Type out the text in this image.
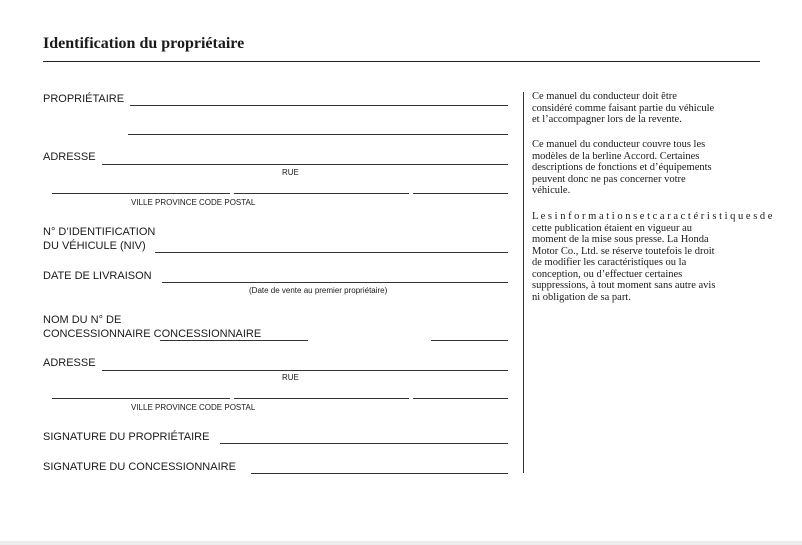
Identification du propriétaire
PROPRIÉTAIRE
ADRESSE
RUE
VILLE PROVINCE CODE POSTAL
N° D’IDENTIFICATION
DU VÉHICULE (NIV)
DATE DE LIVRAISON
(Date de vente au premier propriétaire)
NOM DU N° DE
CONCESSIONNAIRE CONCESSIONNAIRE
ADRESSE
RUE
VILLE PROVINCE CODE POSTAL
SIGNATURE DU PROPRIÉTAIRE
SIGNATURE DU CONCESSIONNAIRE
Ce manuel du conducteur doit être
considéré comme faisant partie du véhicule
et l’accompagner lors de la revente.
Ce manuel du conducteur couvre tous les
modèles de la berline Accord. Certaines
descriptions de fonctions et d’équipements
peuvent donc ne pas concerner votre
véhicule.
L e s i n f o r m a t i o n s e t c a r a c t é r i s t i q u e s d e
cette publication étaient en vigueur au
moment de la mise sous presse. La Honda
Motor Co., Ltd. se réserve toutefois le droit
de modifier les caractéristiques ou la
conception, ou d’effectuer certaines
suppressions, à tout moment sans autre avis
ni obligation de sa part.
